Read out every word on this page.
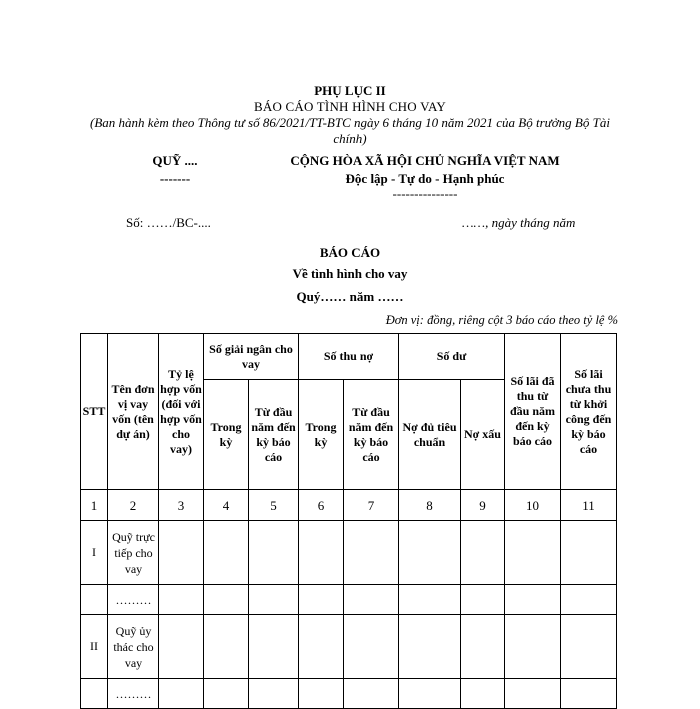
PHỤ LỤC II
BÁO CÁO TÌNH HÌNH CHO VAY
(Ban hành kèm theo Thông tư số 86/2021/TT-BTC ngày 6 tháng 10 năm 2021 của Bộ trưởng Bộ Tài chính)
QUỸ ....
-------
CỘNG HÒA XÃ HỘI CHỦ NGHĨA VIỆT NAM
Độc lập - Tự do - Hạnh phúc
---------------
Số: ……/BC-....	……, ngày tháng năm
BÁO CÁO
Về tình hình cho vay
Quý…… năm ……
Đơn vị: đồng, riêng cột 3 báo cáo theo tỷ lệ %
STT	Tên đơn vị vay vốn (tên dự án)	Tỷ lệ hợp vốn (đối với hợp vốn cho vay)	Số giải ngân cho vay		Số thu nợ		Số dư		Số lãi đã thu từ đầu năm đến kỳ báo cáo	Số lãi chưa thu từ khởi công đến kỳ báo cáo
			Trong kỳ	Từ đầu năm đến kỳ báo cáo	Trong kỳ	Từ đầu năm đến kỳ báo cáo	Nợ đủ tiêu chuẩn	Nợ xấu		
1	2	3	4	5	6	7	8	9	10	11
I	Quỹ trực tiếp cho vay									
	………									
II	Quỹ ủy thác cho vay									
	………									
